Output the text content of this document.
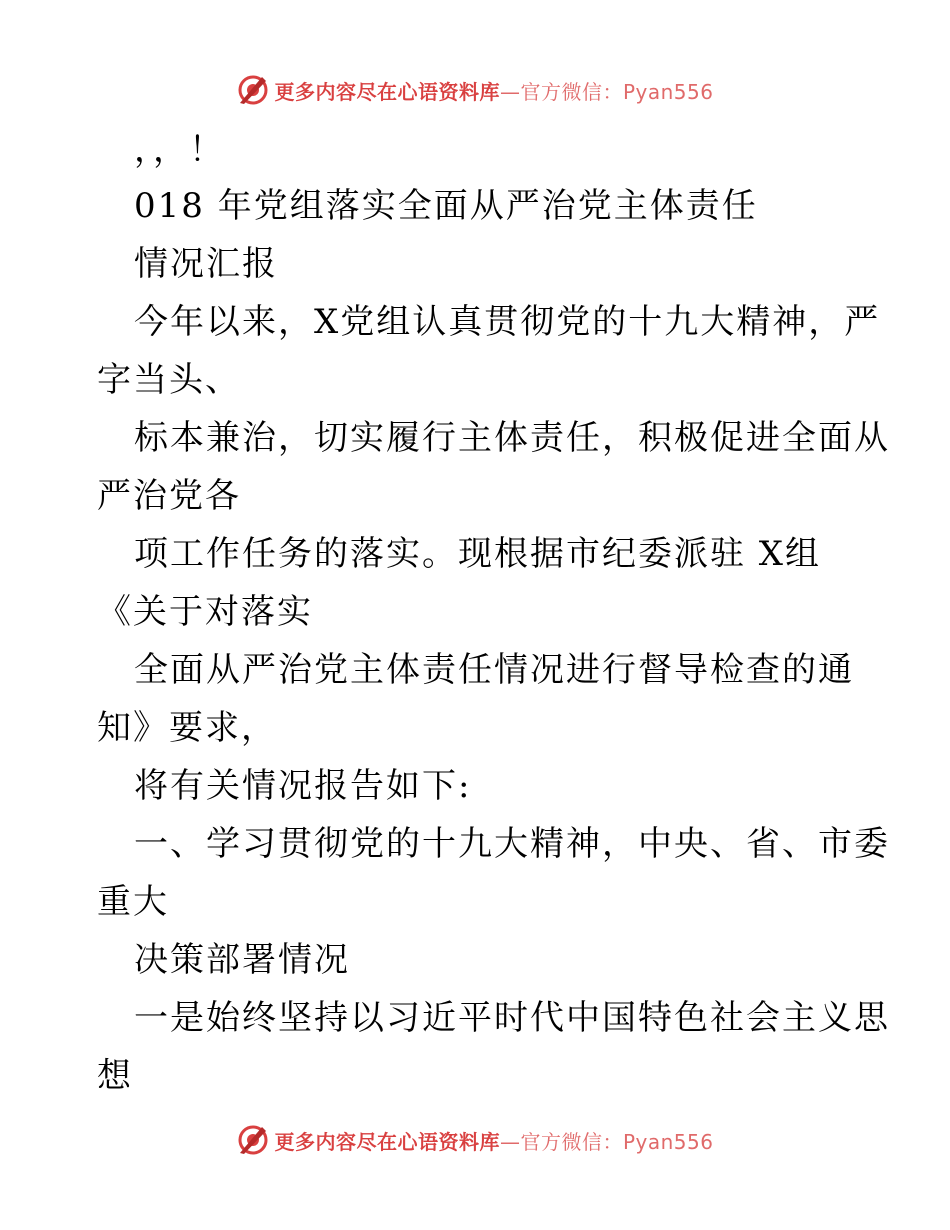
更多内容尽在心语资料库—官方微信：Pyan556
，，！
018 年党组落实全面从严治党主体责任
情况汇报
今年以来，X党组认真贯彻党的十九大精神，严
字当头、
标本兼治，切实履行主体责任，积极促进全面从
严治党各
项工作任务的落实。现根据市纪委派驻 X组
《关于对落实
全面从严治党主体责任情况进行督导检查的通
知》要求，
将有关情况报告如下:
一、学习贯彻党的十九大精神，中央、省、市委
重大
决策部署情况
一是始终坚持以习近平时代中国特色社会主义思
想
更多内容尽在心语资料库—官方微信：Pyan556
